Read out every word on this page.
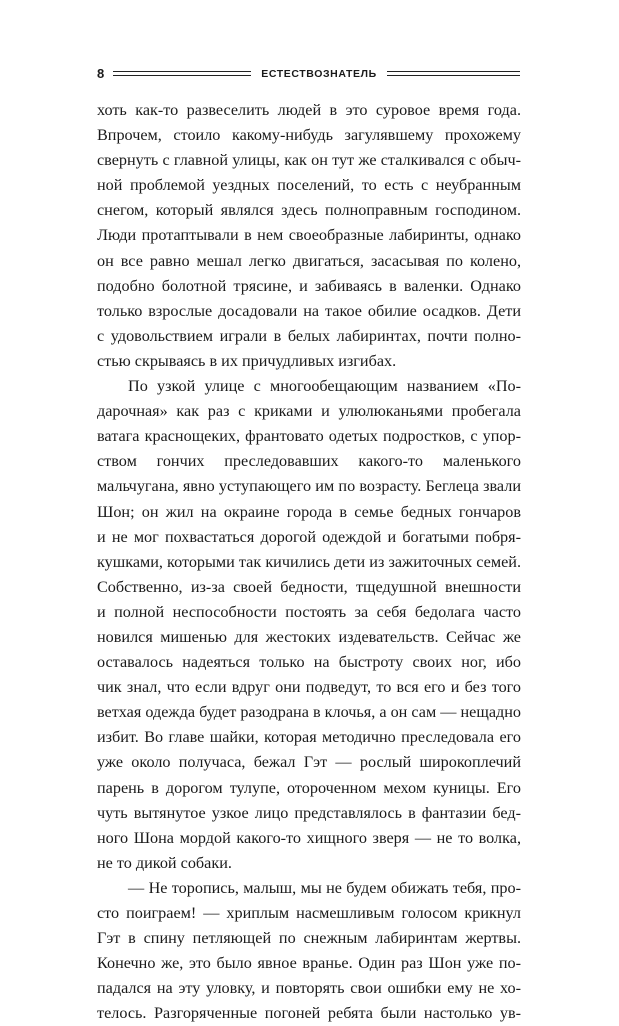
8	ЕСТЕСТВОЗНАТЕЛЬ
хоть как-то развеселить людей в это суровое время года.
Впрочем, стоило какому-нибудь загулявшему прохожему
свернуть с главной улицы, как он тут же сталкивался с обыч-
ной проблемой уездных поселений, то есть с неубранным
снегом, который являлся здесь полноправным господином.
Люди протаптывали в нем своеобразные лабиринты, однако
он все равно мешал легко двигаться, засасывая по колено,
подобно болотной трясине, и забиваясь в валенки. Однако
только взрослые досадовали на такое обилие осадков. Дети
с удовольствием играли в белых лабиринтах, почти полно-
стью скрываясь в их причудливых изгибах.
По узкой улице с многообещающим названием «По-
дарочная» как раз с криками и улюлюканьями пробегала
ватага краснощеких, франтовато одетых подростков, с упор-
ством гончих преследовавших какого-то маленького
мальчугана, явно уступающего им по возрасту. Беглеца звали
Шон; он жил на окраине города в семье бедных гончаров
и не мог похвастаться дорогой одеждой и богатыми побря-
кушками, которыми так кичились дети из зажиточных семей.
Собственно, из-за своей бедности, тщедушной внешности
и полной неспособности постоять за себя бедолага часто
новился мишенью для жестоких издевательств. Сейчас же
оставалось надеяться только на быстроту своих ног, ибо
чик знал, что если вдруг они подведут, то вся его и без того
ветхая одежда будет разодрана в клочья, а он сам — нещадно
избит. Во главе шайки, которая методично преследовала его
уже около получаса, бежал Гэт — рослый широкоплечий
парень в дорогом тулупе, отороченном мехом куницы. Его
чуть вытянутое узкое лицо представлялось в фантазии бед-
ного Шона мордой какого-то хищного зверя — не то волка,
не то дикой собаки.
— Не торопись, малыш, мы не будем обижать тебя, про-
сто поиграем! — хриплым насмешливым голосом крикнул
Гэт в спину петляющей по снежным лабиринтам жертвы.
Конечно же, это было явное вранье. Один раз Шон уже по-
падался на эту уловку, и повторять свои ошибки ему не хо-
телось. Разгоряченные погоней ребята были настолько ув-
